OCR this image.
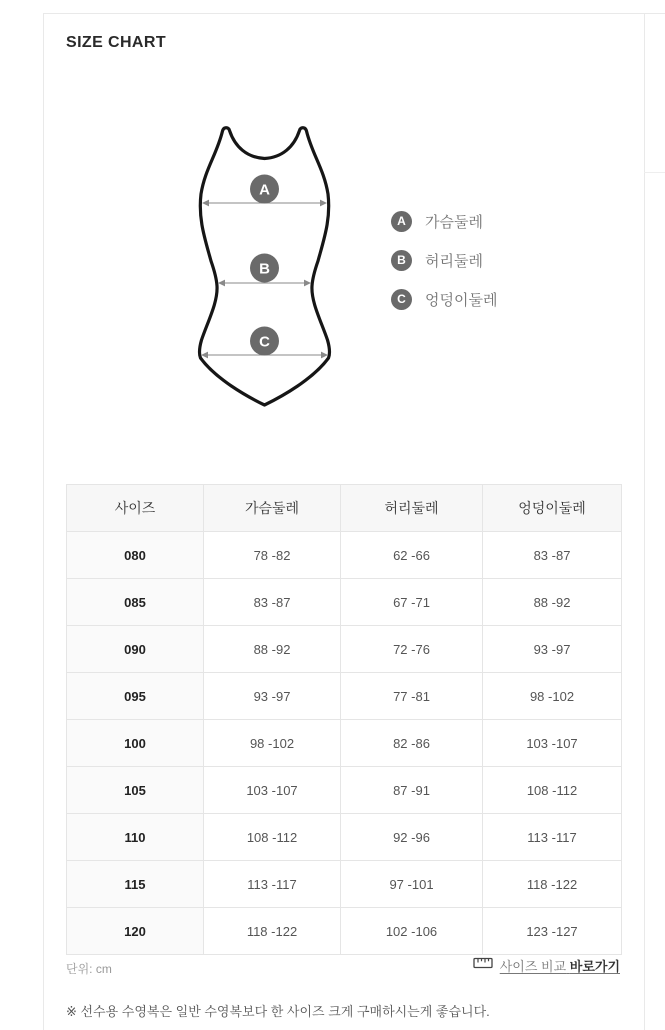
SIZE CHART
A
B
C
A	가슴둘레
B	허리둘레
C	엉덩이둘레
사이즈	가슴둘레	허리둘레	엉덩이둘레
080	78 -82	62 -66	83 -87
085	83 -87	67 -71	88 -92
090	88 -92	72 -76	93 -97
095	93 -97	77 -81	98 -102
100	98 -102	82 -86	103 -107
105	103 -107	87 -91	108 -112
110	108 -112	92 -96	113 -117
115	113 -117	97 -101	118 -122
120	118 -122	102 -106	123 -127
단위: cm	사이즈 비교 바로가기
※ 선수용 수영복은 일반 수영복보다 한 사이즈 크게 구매하시는게 좋습니다.
